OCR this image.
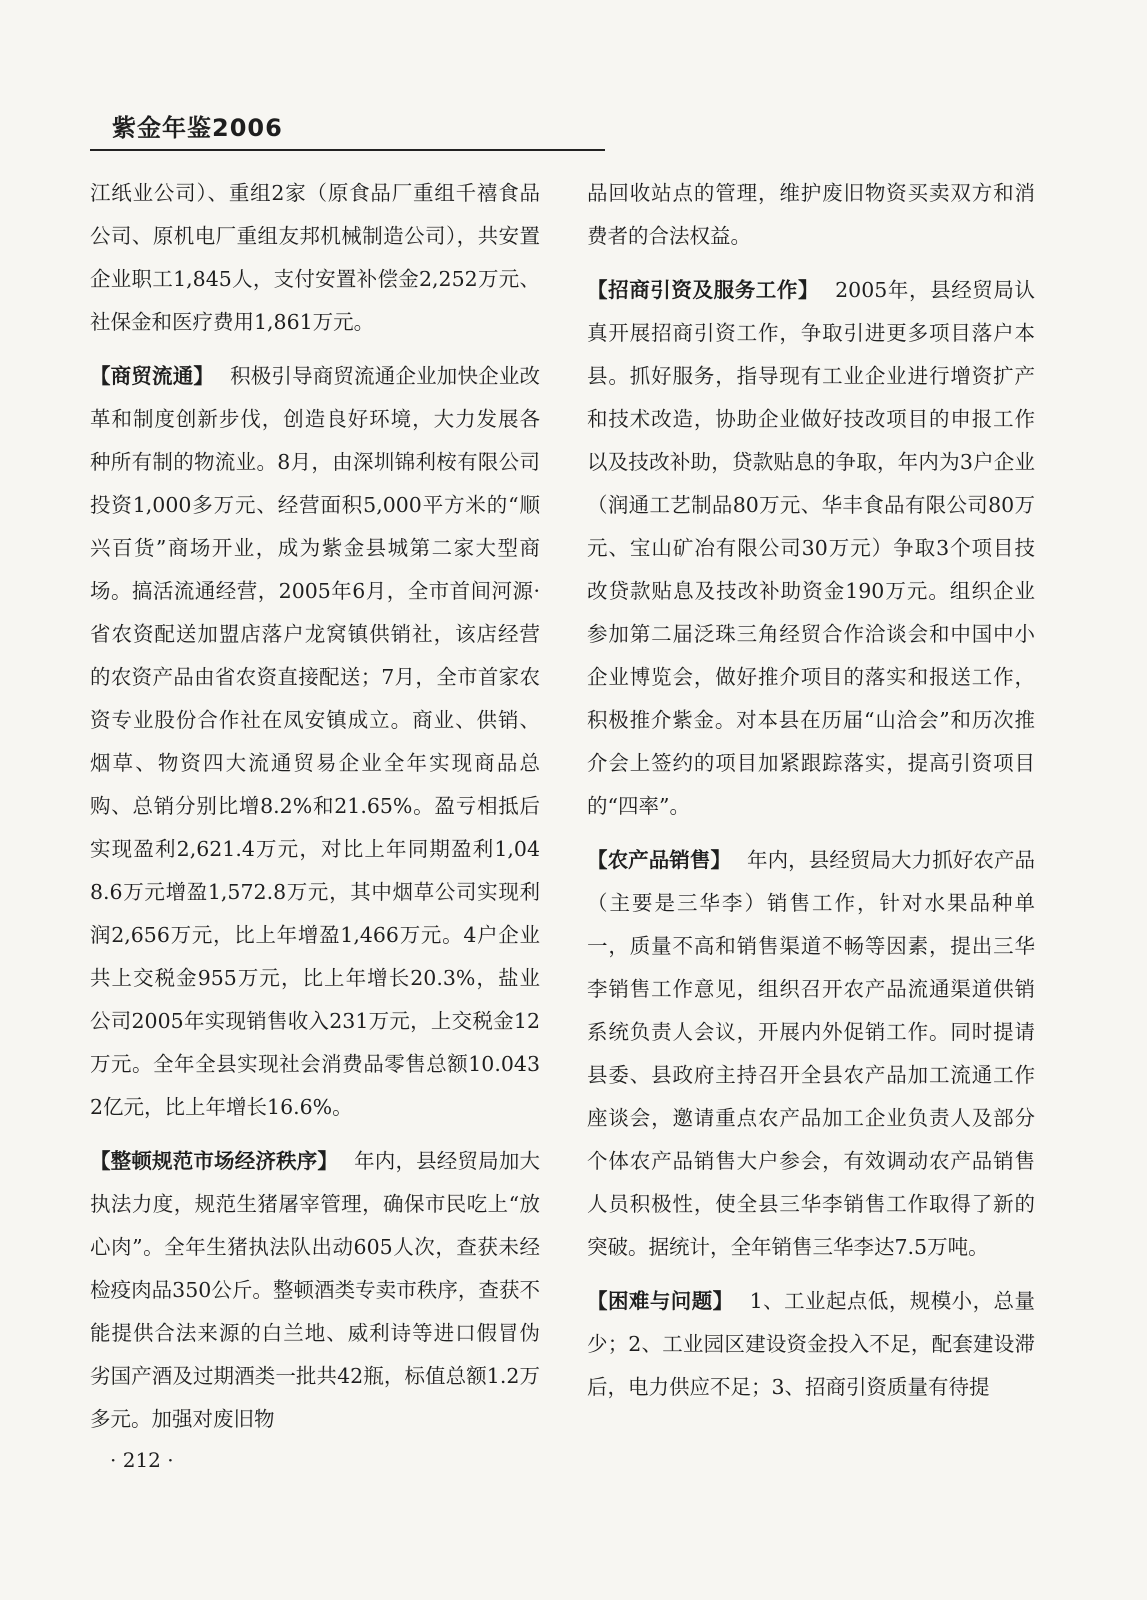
紫金年鉴2006

江纸业公司）、重组2家（原食品厂重组千禧食品公司、原机电厂重组友邦机械制造公司），共安置企业职工1,845人，支付安置补偿金2,252万元、社保金和医疗费用1,861万元。

【商贸流通】 积极引导商贸流通企业加快企业改革和制度创新步伐，创造良好环境，大力发展各种所有制的物流业。8月，由深圳锦利桉有限公司投资1,000多万元、经营面积5,000平方米的“顺兴百货”商场开业，成为紫金县城第二家大型商场。搞活流通经营，2005年6月，全市首间河源·省农资配送加盟店落户龙窝镇供销社，该店经营的农资产品由省农资直接配送；7月，全市首家农资专业股份合作社在凤安镇成立。商业、供销、烟草、物资四大流通贸易企业全年实现商品总购、总销分别比增8.2%和21.65%。盈亏相抵后实现盈利2,621.4万元，对比上年同期盈利1,048.6万元增盈1,572.8万元，其中烟草公司实现利润2,656万元，比上年增盈1,466万元。4户企业共上交税金955万元，比上年增长20.3%，盐业公司2005年实现销售收入231万元，上交税金12万元。全年全县实现社会消费品零售总额10.0432亿元，比上年增长16.6%。

【整顿规范市场经济秩序】 年内，县经贸局加大执法力度，规范生猪屠宰管理，确保市民吃上“放心肉”。全年生猪执法队出动605人次，查获未经检疫肉品350公斤。整顿酒类专卖市秩序，查获不能提供合法来源的白兰地、威利诗等进口假冒伪劣国产酒及过期酒类一批共42瓶，标值总额1.2万多元。加强对废旧物

品回收站点的管理，维护废旧物资买卖双方和消费者的合法权益。

【招商引资及服务工作】 2005年，县经贸局认真开展招商引资工作，争取引进更多项目落户本县。抓好服务，指导现有工业企业进行增资扩产和技术改造，协助企业做好技改项目的申报工作以及技改补助，贷款贴息的争取，年内为3户企业（润通工艺制品80万元、华丰食品有限公司80万元、宝山矿冶有限公司30万元）争取3个项目技改贷款贴息及技改补助资金190万元。组织企业参加第二届泛珠三角经贸合作洽谈会和中国中小企业博览会，做好推介项目的落实和报送工作，积极推介紫金。对本县在历届“山洽会”和历次推介会上签约的项目加紧跟踪落实，提高引资项目的“四率”。

【农产品销售】 年内，县经贸局大力抓好农产品（主要是三华李）销售工作，针对水果品种单一，质量不高和销售渠道不畅等因素，提出三华李销售工作意见，组织召开农产品流通渠道供销系统负责人会议，开展内外促销工作。同时提请县委、县政府主持召开全县农产品加工流通工作座谈会，邀请重点农产品加工企业负责人及部分个体农产品销售大户参会，有效调动农产品销售人员积极性，使全县三华李销售工作取得了新的突破。据统计，全年销售三华李达7.5万吨。

【困难与问题】 1、工业起点低，规模小，总量少；2、工业园区建设资金投入不足，配套建设滞后，电力供应不足；3、招商引资质量有待提

· 212 ·
